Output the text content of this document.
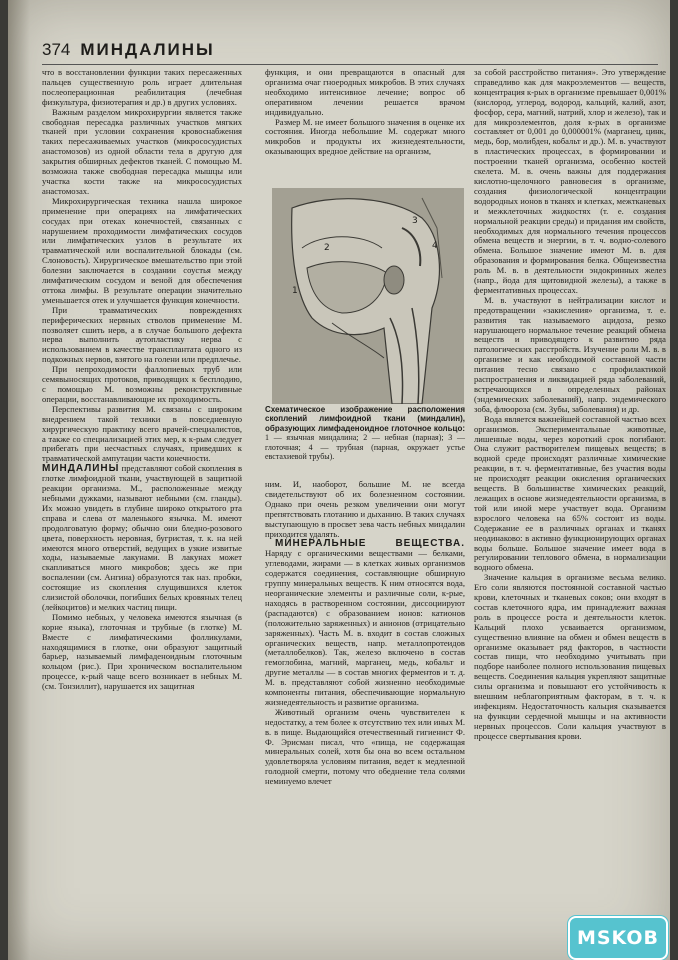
374 МИНДАЛИНЫ

что в восстановлении функции таких пересаженных пальцев существенную роль играет длительная послеоперационная реабилитация (лечебная физкультура, физиотерапия и др.) в других условиях.

Важным разделом микрохирургии является также свободная пересадка различных участков мягких тканей при условии сохранения кровоснабжения таких пересаживаемых участков (микрососудистых анастомозов) из одной области тела в другую для закрытия обширных дефектов тканей. С помощью М. возможна также свободная пересадка мышцы или участка кости также на микрососудистых анастомозах.

Микрохирургическая техника нашла широкое применение при операциях на лимфатических сосудах при отеках конечностей, связанных с нарушением проходимости лимфатических сосудов или лимфатических узлов в результате их травматической или воспалительной блокады (см. Слоновость). Хирургическое вмешательство при этой болезни заключается в создании соустья между лимфатическим сосудом и веной для обеспечения оттока лимфы. В результате операции значительно уменьшается отек и улучшается функция конечности.

При травматических повреждениях периферических нервных стволов применение М. позволяет сшить нерв, а в случае большого дефекта нерва выполнить аутопластику нерва с использованием в качестве трансплантата одного из подкожных нервов, взятого на голени или предплечье.

При непроходимости фаллопиевых труб или семявыносящих протоков, приводящих к бесплодию, с помощью М. возможны реконструктивные операции, восстанавливающие их проходимость.

Перспективы развития М. связаны с широким внедрением такой техники в повседневную хирургическую практику всего врачей-специалистов, а также со специализацией этих мер, к к-рым следует прибегать при несчастных случаях, приведших к травматической ампутации части конечности.

МИНДАЛИНЫ представляют собой скопления в глотке лимфоидной ткани, участвующей в защитной реакции организма. М., расположенные между небными дужками, называют небными (см. гланды). Их можно увидеть в глубине широко открытого рта справа и слева от маленького язычка. М. имеют продолговатую форму; обычно они бледно-розового цвета, поверхность неровная, бугристая, т. к. на ней имеются много отверстий, ведущих в узкие извитые ходы, называемые лакунами. В лакунах может скапливаться много микробов; здесь же при воспалении (см. Ангина) образуются так наз. пробки, состоящие из скопления слущившихся клеток слизистой оболочки, погибших белых кровяных телец (лейкоцитов) и мелких частиц пищи.

Помимо небных, у человека имеются язычная (в корне языка), глоточная и трубные (в глотке) М. Вместе с лимфатическими фолликулами, находящимися в глотке, они образуют защитный барьер, называемый лимфаденоидным глоточным кольцом (рис.). При хроническом воспалительном процессе, к-рый чаще всего возникает в небных М. (см. Тонзиллит), нарушается их защитная

функция, и они превращаются в опасный для организма очаг гноеродных микробов. В этих случаях необходимо интенсивное лечение; вопрос об оперативном лечении решается врачом индивидуально.

Размер М. не имеет большого значения в оценке их состояния. Иногда небольшие М. содержат много микробов и продукты их жизнедеятельности, оказывающих вредное действие на организм,

1
2
3
4
Схематическое изображение расположения скоплений лимфоидной ткани (миндалин), образующих лимфаденоидное глоточное кольцо: 1 — язычная миндалина; 2 — небная (парная); 3 — глоточная; 4 — трубная (парная, окружает устье евстахиевой трубы).

ним. И, наоборот, большие М. не всегда свидетельствуют об их болезненном состоянии. Однако при очень резком увеличении они могут препятствовать глотанию и дыханию. В таких случаях выступающую в просвет зева часть небных миндалин приходится удалять.

МИНЕРАЛЬНЫЕ ВЕЩЕСТВА. Наряду с органическими веществами — белками, углеводами, жирами — в клетках живых организмов содержатся соединения, составляющие обширную группу минеральных веществ. К ним относятся вода, неорганические элементы и различные соли, к-рые, находясь в растворенном состоянии, диссоциируют (распадаются) с образованием ионов: катионов (положительно заряженных) и анионов (отрицательно заряженных). Часть М. в. входит в состав сложных органических веществ, напр. металлопротеидов (металлобелков). Так, железо включено в состав гемоглобина, магний, марганец, медь, кобальт и другие металлы — в состав многих ферментов и т. д. М. в. представляют собой жизненно необходимые компоненты питания, обеспечивающие нормальную жизнедеятельность и развитие организма.

Животный организм очень чувствителен к недостатку, а тем более к отсутствию тех или иных М. в. в пище. Выдающийся отечественный гигиенист Ф. Ф. Эрисман писал, что «пища, не содержащая минеральных солей, хотя бы она во всем остальном удовлетворяла условиям питания, ведет к медленной голодной смерти, потому что обеднение тела солями неминуемо влечет

за собой расстройство питания». Это утверждение справедливо как для макроэлементов — веществ, концентрация к-рых в организме превышает 0,001% (кислород, углерод, водород, кальций, калий, азот, фосфор, сера, магний, натрий, хлор и железо), так и для микроэлементов, доля к-рых в организме составляет от 0,001 до 0,000001% (марганец, цинк, медь, бор, молибден, кобальт и др.). М. в. участвуют в пластических процессах, в формировании и построении тканей организма, особенно костей скелета. М. в. очень важны для поддержания кислотно-щелочного равновесия в организме, создания физиологической концентрации водородных ионов в тканях и клетках, межтканевых и межклеточных жидкостях (т. е. создания нормальной реакции среды) и придания им свойств, необходимых для нормального течения процессов обмена веществ и энергии, в т. ч. водно-солевого обмена. Большое значение имеют М. в. для образования и формирования белка. Общеизвестна роль М. в. в деятельности эндокринных желез (напр., йода для щитовидной железы), а также в ферментативных процессах.

М. в. участвуют в нейтрализации кислот и предотвращении «закисления» организма, т. е. развития так называемого ацидоза, резко нарушающего нормальное течение реакций обмена веществ и приводящего к развитию ряда патологических расстройств. Изучение роли М. в. в организме и как необходимой составной части питания тесно связано с профилактикой распространения и ликвидацией ряда заболеваний, встречающихся в определенных районах (эндемических заболеваний), напр. эндемического зоба, флюороза (см. Зубы, заболевания) и др.

Вода является важнейшей составной частью всех организмов. Экспериментальные животные, лишенные воды, через короткий срок погибают. Она служит растворителем пищевых веществ; в водной среде происходят различные химические реакции, в т. ч. ферментативные, без участия воды не происходят реакции окисления органических веществ. В большинстве химических реакций, лежащих в основе жизнедеятельности организма, в той или иной мере участвует вода. Организм взрослого человека на 65% состоит из воды. Содержание ее в различных органах и тканях неодинаково: в активно функционирующих органах воды больше. Большое значение имеет вода в регулировании теплового обмена, в нормализации водного обмена.

Значение кальция в организме весьма велико. Его соли являются постоянной составной частью крови, клеточных и тканевых соков; они входят в состав клеточного ядра, им принадлежит важная роль в процессе роста и деятельности клеток. Кальций плохо усваивается организмом, существенно влияние на обмен и обмен веществ в организме оказывает ряд факторов, в частности состав пищи, что необходимо учитывать при подборе наиболее полного использования пищевых веществ. Соединения кальция укрепляют защитные силы организма и повышают его устойчивость к внешним неблагоприятным факторам, в т. ч. к инфекциям. Недостаточность кальция сказывается на функции сердечной мышцы и на активности нервных процессов. Соли кальция участвуют в процессе свертывания крови.

MSKOB
